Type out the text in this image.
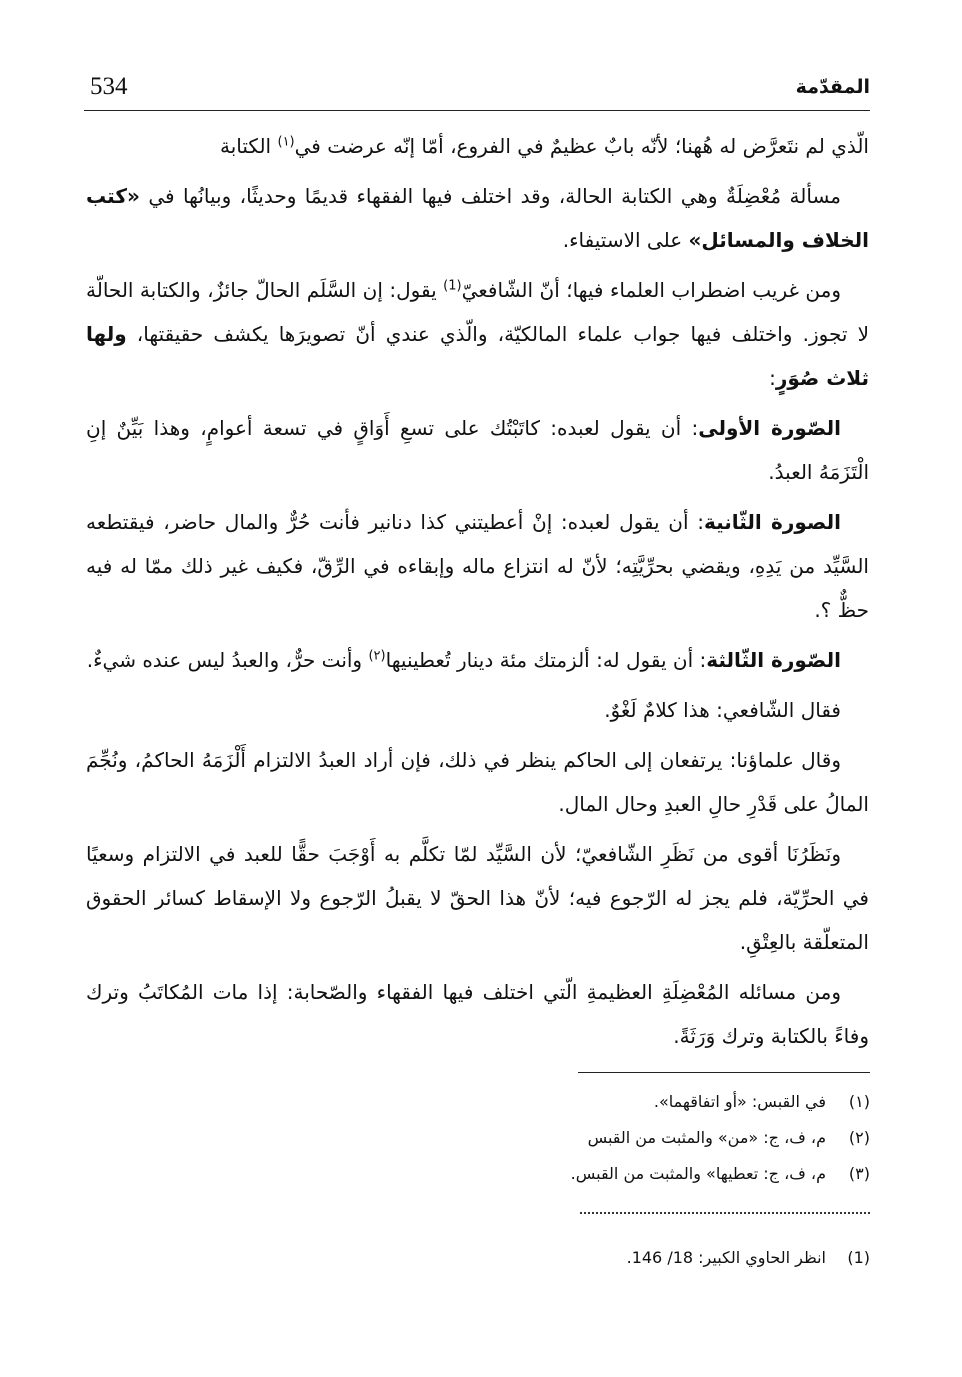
534	المقدّمة

الّذي لم نتَعرَّض له هُهنا؛ لأنّه بابٌ عظيمٌ في الفروع، أمّا إنّه عرضت في$^{(١)}$ الكتابة

مسألة مُعْضِلَةٌ وهي الكتابة الحالة، وقد اختلف فيها الفقهاء قديمًا وحديثًا، وبيانُها في «كتب الخلاف والمسائل» على الاستيفاء.

ومن غريب اضطراب العلماء فيها؛ أنّ الشّافعيّ$^{(1)}$ يقول: إن السَّلَم الحالّ جائزٌ، والكتابة الحالّة لا تجوز. واختلف فيها جواب علماء المالكيّة، والّذي عندي أنّ تصويرَها يكشف حقيقتها، ولها ثلاث صُوَرٍ:

الصّورة الأولى: أن يقول لعبده: كاتَبْتُك على تسعِ أَوَاقٍ في تسعة أعوامٍ، وهذا بَيِّنٌ إنِ الْتَزَمَهُ العبدُ.

الصورة الثّانية: أن يقول لعبده: إنْ أعطيتني كذا دنانير فأنت حُرٌّ والمال حاضر، فيقتطعه السَّيِّد من يَدِهِ، ويقضي بحرِّيَّتِه؛ لأنّ له انتزاع ماله وإبقاءه في الرِّقّ، فكيف غير ذلك ممّا له فيه حظٌّ ؟.

الصّورة الثّالثة: أن يقول له: ألزمتك مئة دينار تُعطينيها$^{(٢)}$ وأنت حرٌّ، والعبدُ ليس عنده شيءٌ.

فقال الشّافعي: هذا كلامٌ لَغْوٌ.

وقال علماؤنا: يرتفعان إلى الحاكم ينظر في ذلك، فإن أراد العبدُ الالتزام أَلْزَمَهُ الحاكمُ، ونُجِّمَ المالُ على قَدْرِ حالِ العبدِ وحال المال.

ونَظَرُنَا أقوى من نَظَرِ الشّافعيّ؛ لأن السَّيِّد لمّا تكلَّم به أَوْجَبَ حقًّا للعبد في الالتزام وسعيًا في الحرِّيّة، فلم يجز له الرّجوع فيه؛ لأنّ هذا الحقّ لا يقبلُ الرّجوع ولا الإسقاط كسائر الحقوق المتعلّقة بالعِتْقِ.

ومن مسائله المُعْضِلَةِ العظيمةِ الّتي اختلف فيها الفقهاء والصّحابة: إذا مات المُكاتَبُ وترك وفاءً بالكتابة وترك وَرَثَةً.

(١)في القبس: «أو اتفاقهما».
(٢)م، ف، ج: «من» والمثبت من القبس
(٣)م، ف، ج: تعطيها» والمثبت من القبس.
(1)انظر الحاوي الكبير: 18/ 146.
